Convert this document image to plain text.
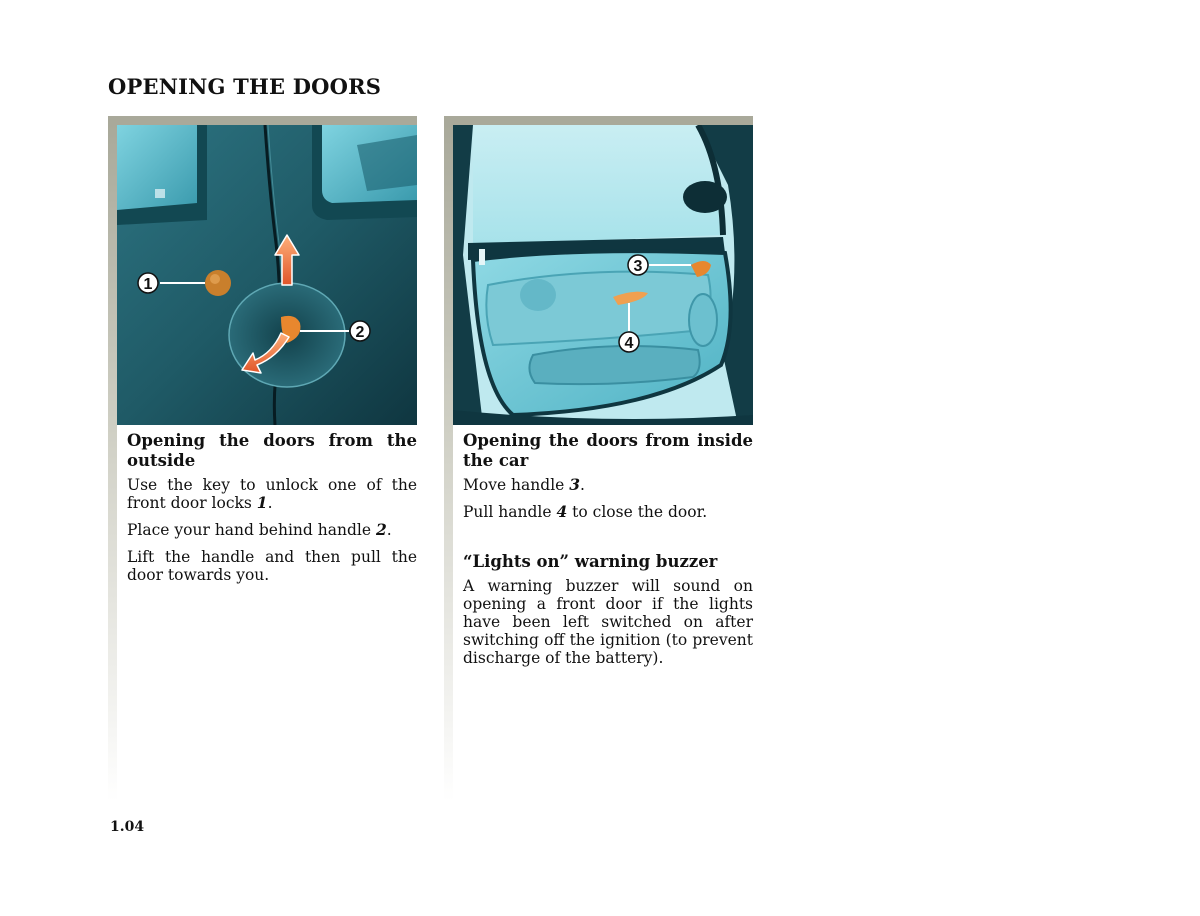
OPENING THE DOORS
1
2

Opening the doors from the outside

Use the key to unlock one of the front door locks 1.

Place your hand behind handle 2.

Lift the handle and then pull the door towards you.

3
4

Opening the doors from inside the car

Move handle 3.

Pull handle 4 to close the door.

“Lights on” warning buzzer

A warning buzzer will sound on opening a front door if the lights have been left switched on after switching off the ignition (to prevent discharge of the battery).

1.04
